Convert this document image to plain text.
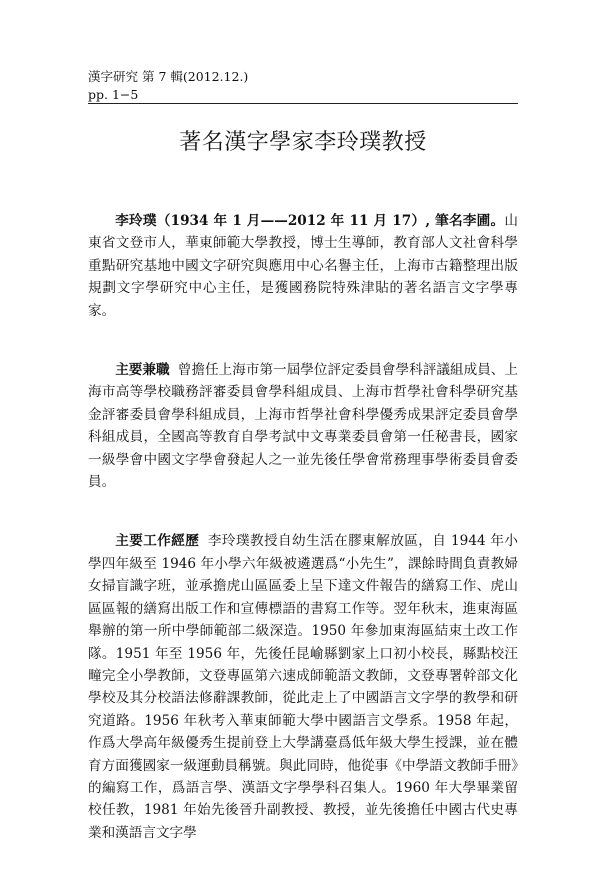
漢字研究 第 7 輯(2012.12.)
pp. 1−5
著名漢字學家李玲璞教授

李玲璞（1934 年 1 月——2012 年 11 月 17）, 筆名李圃。山東省文登市人，華東師範大學教授，博士生導師，教育部人文社會科學重點研究基地中國文字研究與應用中心名譽主任，上海市古籍整理出版規劃文字學研究中心主任，是獲國務院特殊津貼的著名語言文字學專家。

主要兼職 曾擔任上海市第一屆學位評定委員會學科評議組成員、上海市高等學校職務評審委員會學科組成員、上海市哲學社會科學研究基金評審委員會學科組成員，上海市哲學社會科學優秀成果評定委員會學科組成員，全國高等教育自學考試中文專業委員會第一任秘書長，國家一級學會中國文字學會發起人之一並先後任學會常務理事學術委員會委員。

主要工作經歷 李玲璞教授自幼生活在膠東解放區，自 1944 年小學四年級至 1946 年小學六年級被遴選爲“小先生”，課餘時間負責教婦女掃盲識字班，並承擔虎山區區委上呈下達文件報告的繕寫工作、虎山區區報的繕寫出版工作和宣傳標語的書寫工作等。翌年秋末，進東海區舉辦的第一所中學師範部二級深造。1950 年參加東海區結束土改工作隊。1951 年至 1956 年，先後任昆崳縣劉家上口初小校長，縣點校汪疃完全小學教師，文登專區第六速成師範語文教師，文登專署幹部文化學校及其分校語法修辭課教師，從此走上了中國語言文字學的教學和研究道路。1956 年秋考入華東師範大學中國語言文學系。1958 年起，作爲大學高年級優秀生提前登上大學講臺爲低年級大學生授課，並在體育方面獲國家一級運動員稱號。與此同時，他從事《中學語文教師手冊》的編寫工作，爲語言學、漢語文字學學科召集人。1960 年大學畢業留校任教，1981 年始先後晉升副教授、教授，並先後擔任中國古代史專業和漢語言文字學
